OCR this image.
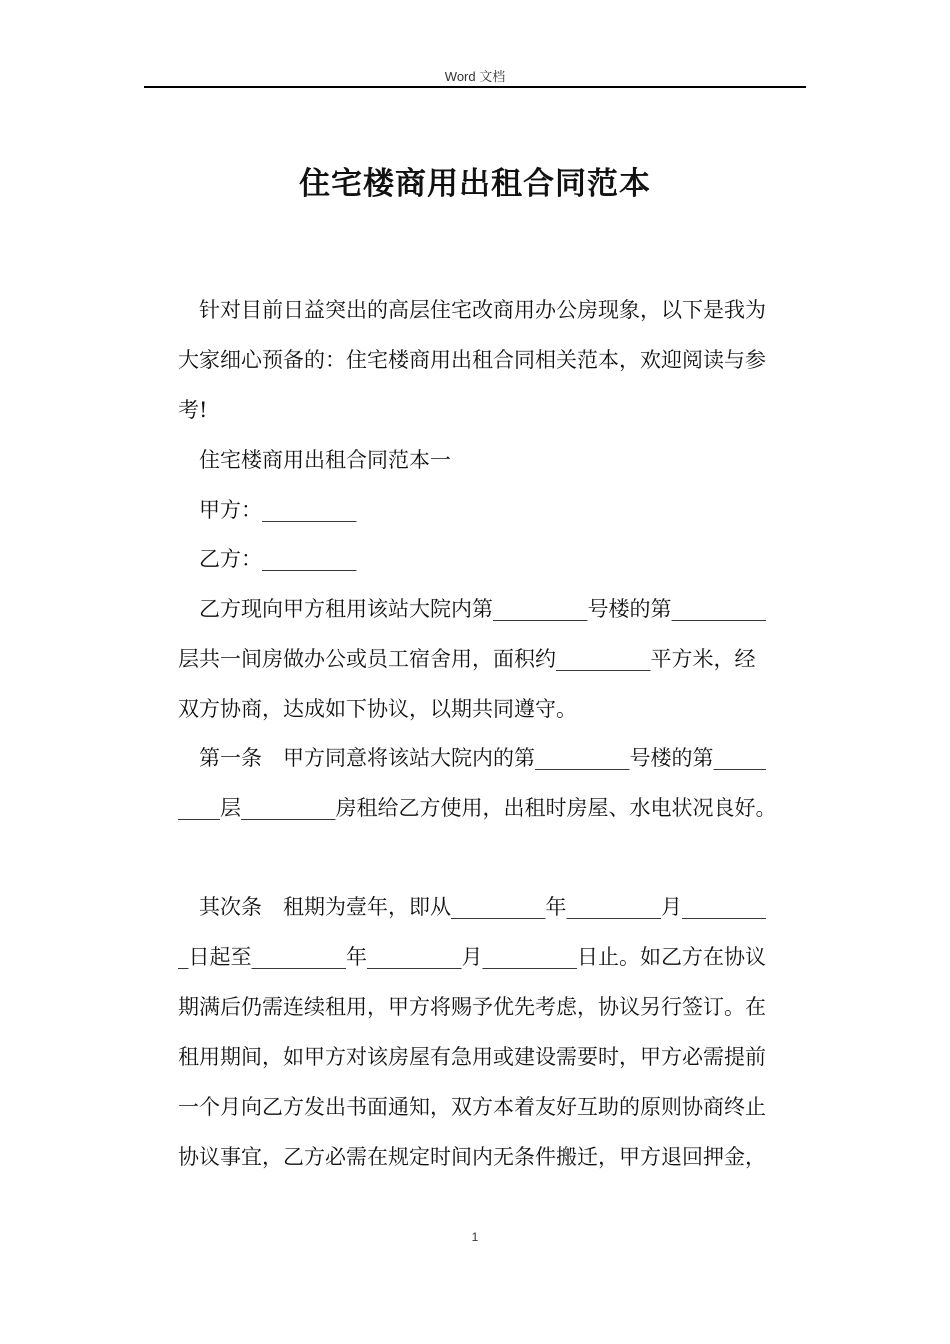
Word 文档
住宅楼商用出租合同范本
　针对目前日益突出的高层住宅改商用办公房现象，以下是我为
大家细心预备的：住宅楼商用出租合同相关范本，欢迎阅读与参
考!
　住宅楼商用出租合同范本一
　甲方：_________
　乙方：_________
　乙方现向甲方租用该站大院内第_________号楼的第_________
层共一间房做办公或员工宿舍用，面积约_________平方米，经
双方协商，达成如下协议，以期共同遵守。
　第一条　甲方同意将该站大院内的第_________号楼的第_____
____层_________房租给乙方使用，出租时房屋、水电状况良好。
　其次条　租期为壹年，即从_________年_________月________
_日起至_________年_________月_________日止。如乙方在协议
期满后仍需连续租用，甲方将赐予优先考虑，协议另行签订。在
租用期间，如甲方对该房屋有急用或建设需要时，甲方必需提前
一个月向乙方发出书面通知，双方本着友好互助的原则协商终止
协议事宜，乙方必需在规定时间内无条件搬迁，甲方退回押金，
1
